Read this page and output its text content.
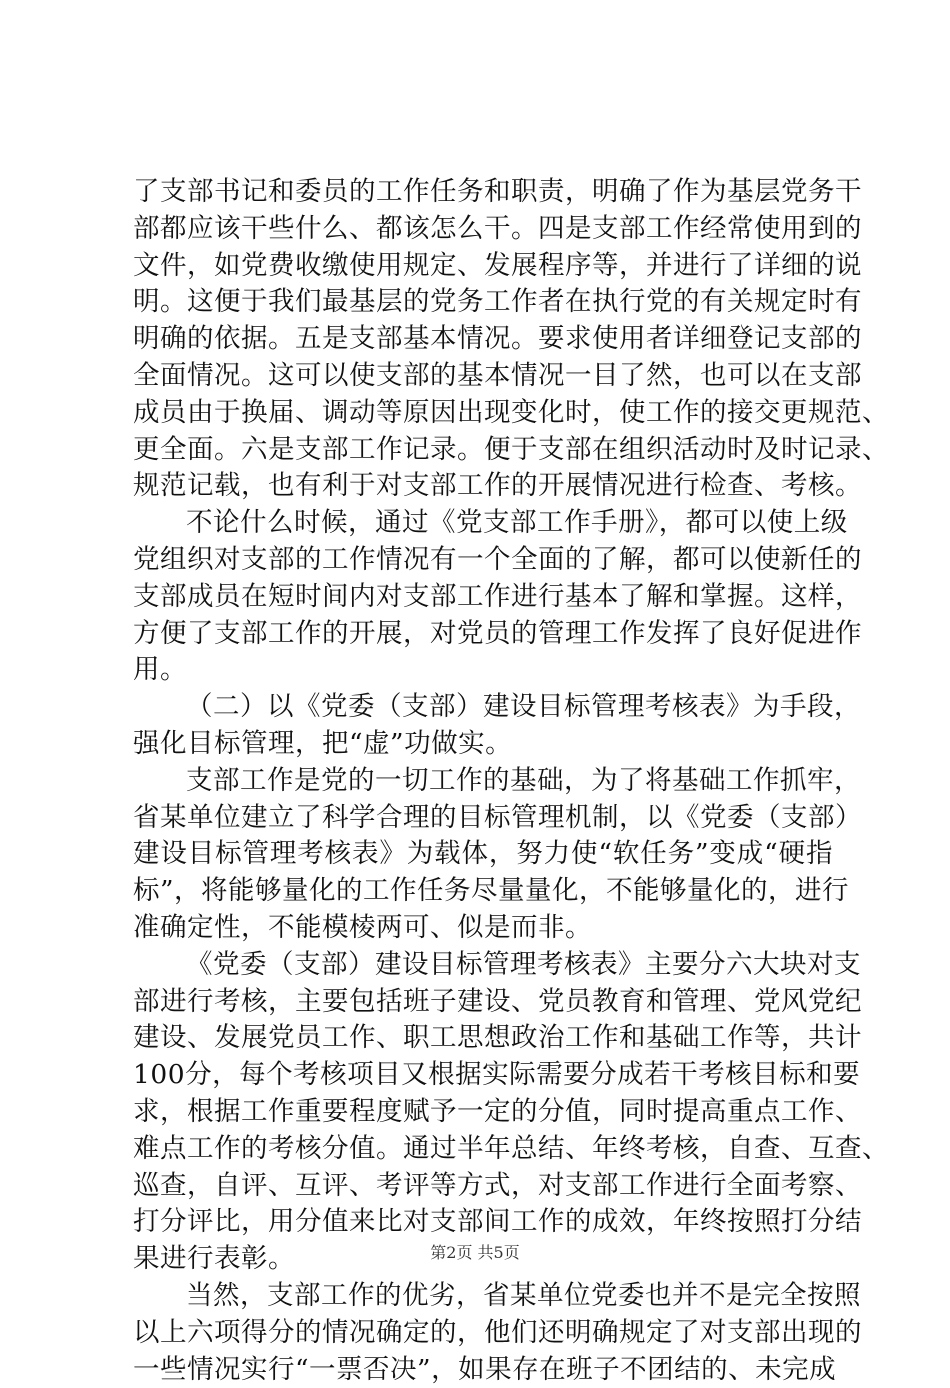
了支部书记和委员的工作任务和职责，明确了作为基层党务干
部都应该干些什么、都该怎么干。四是支部工作经常使用到的
文件，如党费收缴使用规定、发展程序等，并进行了详细的说
明。这便于我们最基层的党务工作者在执行党的有关规定时有
明确的依据。五是支部基本情况。要求使用者详细登记支部的
全面情况。这可以使支部的基本情况一目了然，也可以在支部
成员由于换届、调动等原因出现变化时，使工作的接交更规范、
更全面。六是支部工作记录。便于支部在组织活动时及时记录、
规范记载，也有利于对支部工作的开展情况进行检查、考核。
不论什么时候，通过《党支部工作手册》，都可以使上级
党组织对支部的工作情况有一个全面的了解，都可以使新任的
支部成员在短时间内对支部工作进行基本了解和掌握。这样，
方便了支部工作的开展，对党员的管理工作发挥了良好促进作
用。
（二）以《党委（支部）建设目标管理考核表》为手段，
强化目标管理，把“虚”功做实。
支部工作是党的一切工作的基础，为了将基础工作抓牢，
省某单位建立了科学合理的目标管理机制，以《党委（支部）
建设目标管理考核表》为载体，努力使“软任务”变成“硬指
标”，将能够量化的工作任务尽量量化，不能够量化的，进行
准确定性，不能模棱两可、似是而非。
《党委（支部）建设目标管理考核表》主要分六大块对支
部进行考核，主要包括班子建设、党员教育和管理、党风党纪
建设、发展党员工作、职工思想政治工作和基础工作等，共计
100分，每个考核项目又根据实际需要分成若干考核目标和要
求，根据工作重要程度赋予一定的分值，同时提高重点工作、
难点工作的考核分值。通过半年总结、年终考核，自查、互查、
巡查，自评、互评、考评等方式，对支部工作进行全面考察、
打分评比，用分值来比对支部间工作的成效，年终按照打分结
果进行表彰。
当然，支部工作的优劣，省某单位党委也并不是完全按照
以上六项得分的情况确定的，他们还明确规定了对支部出现的
一些情况实行“一票否决”，如果存在班子不团结的、未完成
第2页 共5页
